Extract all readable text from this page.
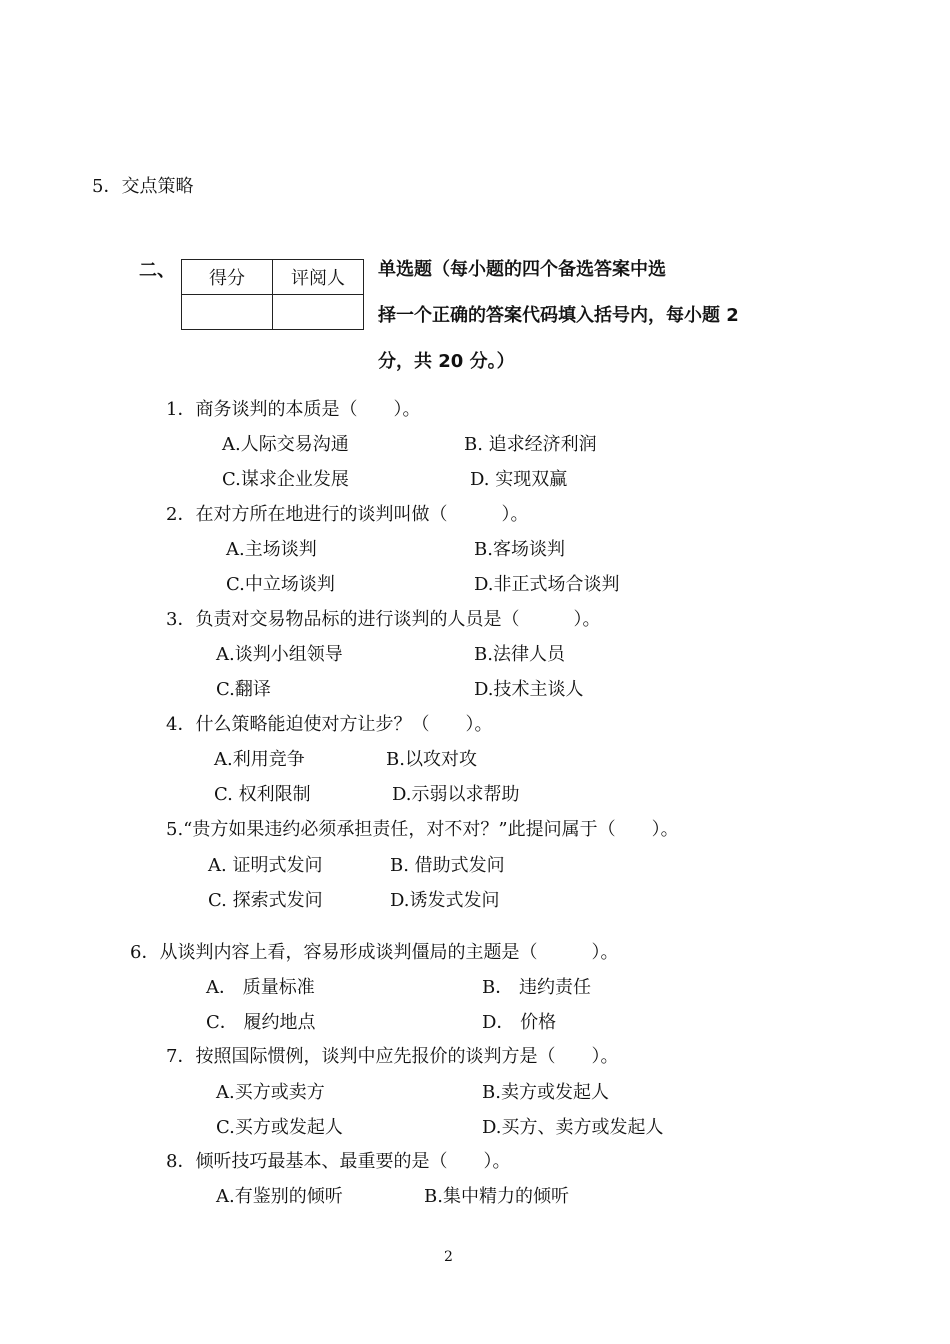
5．交点策略
二、 得分	评阅人
	单选题（每小题的四个备选答案中选
择一个正确的答案代码填入括号内，每小题 2
分，共 20 分。）
1．商务谈判的本质是（　　）。
A.人际交易沟通	B. 追求经济利润
C.谋求企业发展	D. 实现双赢
2．在对方所在地进行的谈判叫做（　　　）。
A.主场谈判	B.客场谈判
C.中立场谈判	D.非正式场合谈判
3．负责对交易物品标的进行谈判的人员是（　　　）。
A.谈判小组领导	B.法律人员
C.翻译	D.技术主谈人
4．什么策略能迫使对方让步？（　　）。
A.利用竞争	B.以攻对攻
C. 权利限制	D.示弱以求帮助
5.“贵方如果违约必须承担责任，对不对？”此提问属于（　　）。
A. 证明式发问	B. 借助式发问
C. 探索式发问	D.诱发式发问
6．从谈判内容上看，容易形成谈判僵局的主题是（　　　）。
A． 质量标准	B． 违约责任
C． 履约地点	D． 价格
7．按照国际惯例，谈判中应先报价的谈判方是（　　）。
A.买方或卖方	B.卖方或发起人
C.买方或发起人	D.买方、卖方或发起人
8．倾听技巧最基本、最重要的是（　　）。
A.有鉴别的倾听	B.集中精力的倾听
2
